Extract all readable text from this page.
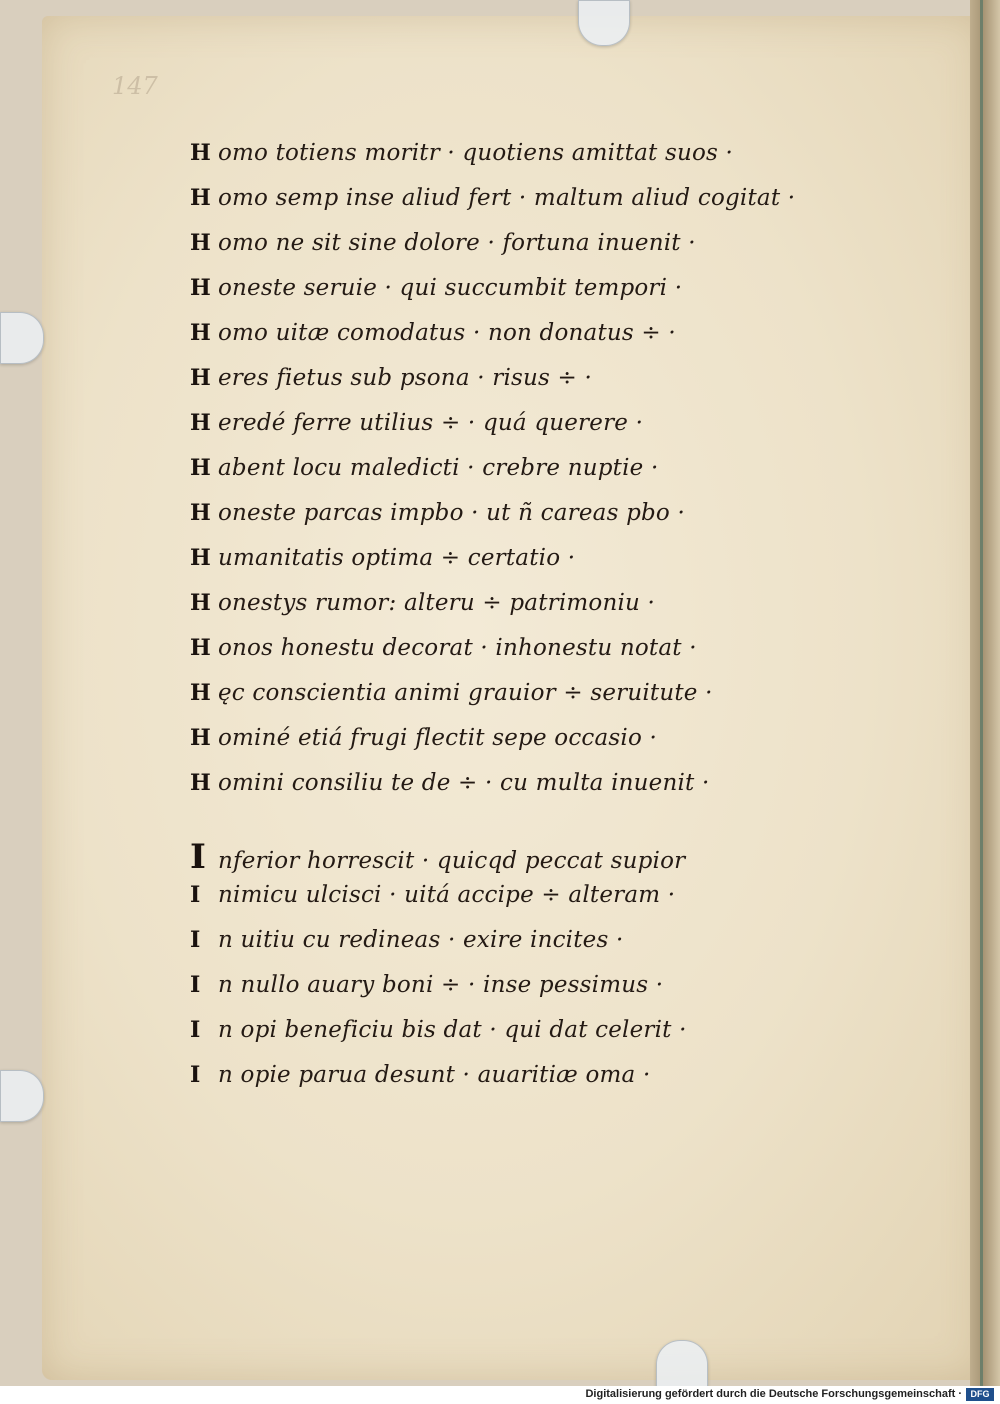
147
H omo totiens moritr · quotiens amittat suos ·
H omo semp inse aliud fert · maltum aliud cogitat ·
H omo ne sit sine dolore · fortuna inuenit ·
H oneste seruie · qui succumbit tempori ·
H omo uitæ comodatus · non donatus ÷ ·
H eres fietus sub psona · risus ÷ ·
H eredé ferre utilius ÷ · quá querere ·
H abent locu maledicti · crebre nuptie ·
H oneste parcas impbo · ut ñ careas pbo ·
H umanitatis optima ÷ certatio ·
H onestys rumor: alteru ÷ patrimoniu ·
H onos honestu decorat · inhonestu notat ·
H ęc conscientia animi grauior ÷ seruitute ·
H ominé etiá frugi flectit sepe occasio ·
H omini consiliu te de ÷ · cu multa inuenit ·
I nferior horrescit · quicqd peccat supior
I nimicu ulcisci · uitá accipe ÷ alteram ·
I n uitiu cu redineas · exire incites ·
I n nullo auary boni ÷ · inse pessimus ·
I n opi beneficiu bis dat · qui dat celerit ·
I n opie parua desunt · auaritiæ oma ·
Digitalisierung gefördert durch die Deutsche Forschungsgemeinschaft · DFG
